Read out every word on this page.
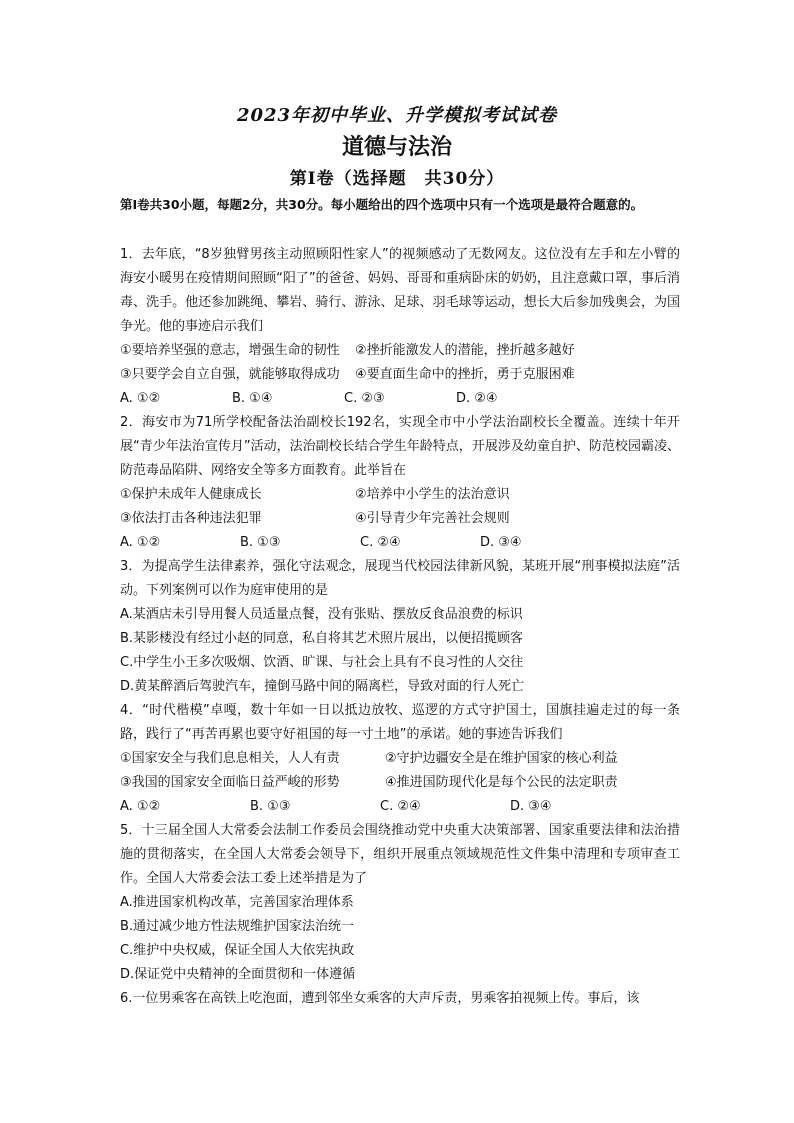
2023年初中毕业、升学模拟考试试卷
道德与法治
第Ⅰ卷（选择题　共30分）
第Ⅰ卷共30小题，每题2分，共30分。每小题给出的四个选项中只有一个选项是最符合题意的。

1．去年底，“8岁独臂男孩主动照顾阳性家人”的视频感动了无数网友。这位没有左手和左小臂的海安小暖男在疫情期间照顾“阳了”的爸爸、妈妈、哥哥和重病卧床的奶奶，且注意戴口罩，事后消毒、洗手。他还参加跳绳、攀岩、骑行、游泳、足球、羽毛球等运动，想长大后参加残奥会，为国争光。他的事迹启示我们

①要培养坚强的意志，增强生命的韧性	②挫折能激发人的潜能，挫折越多越好
③只要学会自立自强，就能够取得成功	④要直面生命中的挫折，勇于克服困难
A. ①②	B. ①④	C. ②③	D. ②④

2．海安市为71所学校配备法治副校长192名，实现全市中小学法治副校长全覆盖。连续十年开展“青少年法治宣传月”活动，法治副校长结合学生年龄特点，开展涉及幼童自护、防范校园霸凌、防范毒品陷阱、网络安全等多方面教育。此举旨在

①保护未成年人健康成长	②培养中小学生的法治意识
③依法打击各种违法犯罪	④引导青少年完善社会规则
A. ①②	B. ①③	C. ②④	D. ③④

3．为提高学生法律素养，强化守法观念，展现当代校园法律新风貌，某班开展“刑事模拟法庭”活动。下列案例可以作为庭审使用的是

A.某酒店未引导用餐人员适量点餐，没有张贴、摆放反食品浪费的标识
B.某影楼没有经过小赵的同意，私自将其艺术照片展出，以便招揽顾客
C.中学生小王多次吸烟、饮酒、旷课、与社会上具有不良习性的人交往
D.黄某醉酒后驾驶汽车，撞倒马路中间的隔离栏，导致对面的行人死亡

4．“时代楷模”卓嘎，数十年如一日以抵边放牧、巡逻的方式守护国土，国旗挂遍走过的每一条路，践行了“再苦再累也要守好祖国的每一寸土地”的承诺。她的事迹告诉我们

①国家安全与我们息息相关，人人有责	②守护边疆安全是在维护国家的核心利益
③我国的国家安全面临日益严峻的形势	④推进国防现代化是每个公民的法定职责
A. ①②	B. ①③	C. ②④	D. ③④

5．十三届全国人大常委会法制工作委员会围绕推动党中央重大决策部署、国家重要法律和法治措施的贯彻落实，在全国人大常委会领导下，组织开展重点领域规范性文件集中清理和专项审查工作。全国人大常委会法工委上述举措是为了

A.推进国家机构改革，完善国家治理体系
B.通过减少地方性法规维护国家法治统一
C.维护中央权威，保证全国人大依宪执政
D.保证党中央精神的全面贯彻和一体遵循

6.一位男乘客在高铁上吃泡面，遭到邻坐女乘客的大声斥责，男乘客拍视频上传。事后，该
